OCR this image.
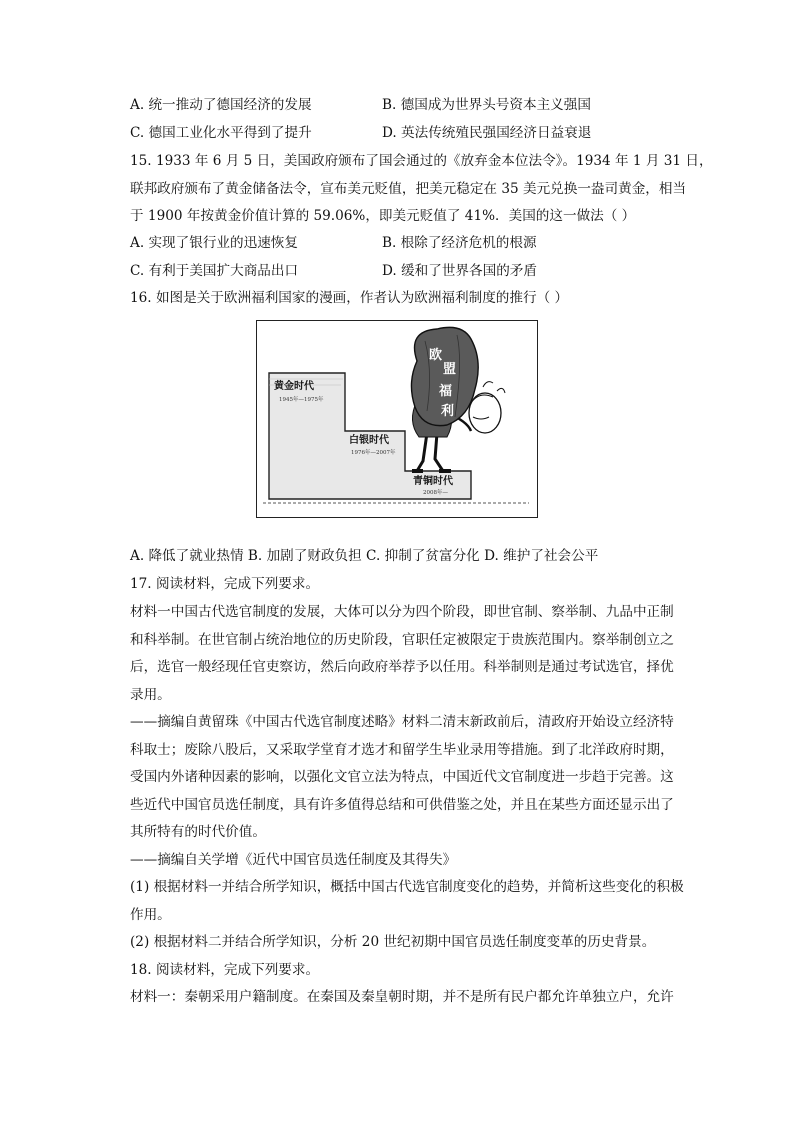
A. 统一推动了德国经济的发展	B. 德国成为世界头号资本主义强国
C. 德国工业化水平得到了提升	D. 英法传统殖民强国经济日益衰退
15. 1933 年 6 月 5 日，美国政府颁布了国会通过的《放弃金本位法令》。1934 年 1 月 31 日，
联邦政府颁布了黄金储备法令，宣布美元贬值，把美元稳定在 35 美元兑换一盎司黄金，相当
于 1900 年按黄金价值计算的 59.06%，即美元贬值了 41%．美国的这一做法（ ）
A. 实现了银行业的迅速恢复	B. 根除了经济危机的根源
C. 有利于美国扩大商品出口	D. 缓和了世界各国的矛盾
16. 如图是关于欧洲福利国家的漫画，作者认为欧洲福利制度的推行（ ）
黄金时代
1945年—1975年
白银时代
1976年—2007年
青铜时代
2008年—
欧
盟
福
利
A. 降低了就业热情 B. 加剧了财政负担 C. 抑制了贫富分化 D. 维护了社会公平
17. 阅读材料，完成下列要求。
材料一中国古代选官制度的发展，大体可以分为四个阶段，即世官制、察举制、九品中正制
和科举制。在世官制占统治地位的历史阶段，官职任定被限定于贵族范围内。察举制创立之
后，选官一般经现任官吏察访，然后向政府举荐予以任用。科举制则是通过考试选官，择优
录用。
——摘编自黄留珠《中国古代选官制度述略》材料二清末新政前后，清政府开始设立经济特
科取士；废除八股后，又采取学堂育才选才和留学生毕业录用等措施。到了北洋政府时期，
受国内外诸种因素的影响，以强化文官立法为特点，中国近代文官制度进一步趋于完善。这
些近代中国官员选任制度，具有许多值得总结和可供借鉴之处，并且在某些方面还显示出了
其所特有的时代价值。
——摘编自关学增《近代中国官员选任制度及其得失》
(1) 根据材料一并结合所学知识，概括中国古代选官制度变化的趋势，并简析这些变化的积极
作用。
(2) 根据材料二并结合所学知识，分析 20 世纪初期中国官员选任制度变革的历史背景。
18. 阅读材料，完成下列要求。
材料一：秦朝采用户籍制度。在秦国及秦皇朝时期，并不是所有民户都允许单独立户，允许
